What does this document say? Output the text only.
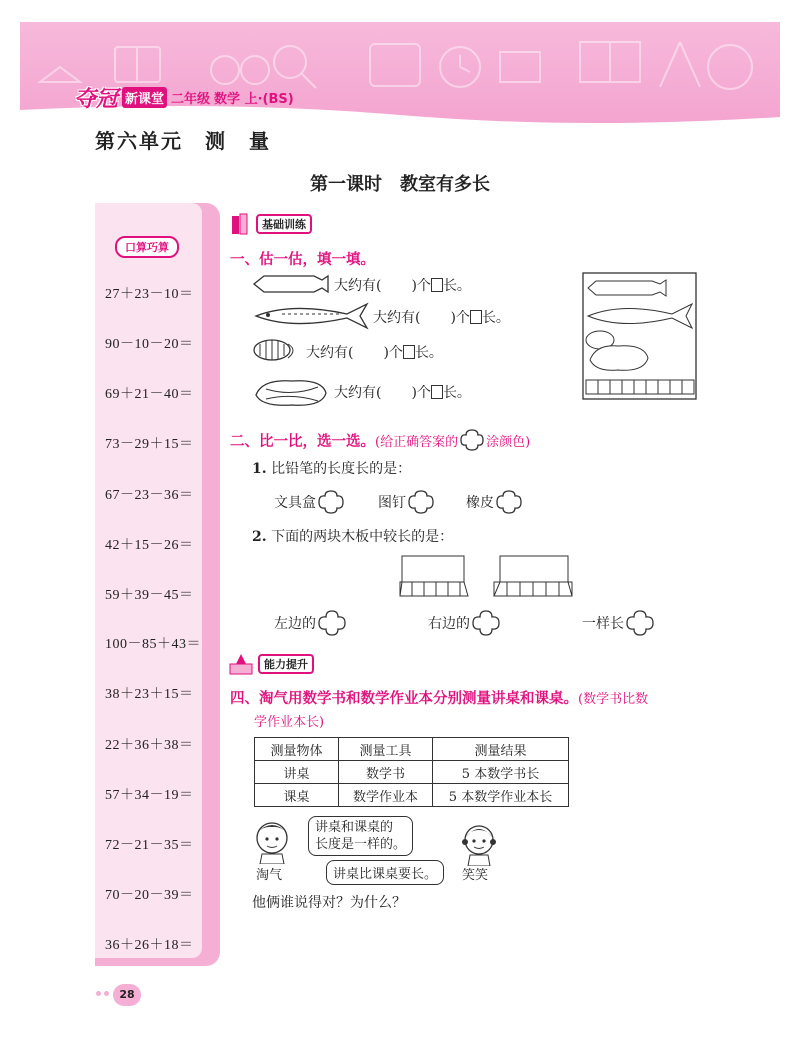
夺冠 新课堂 二年级 数学 上·(BS)
第六单元　测　量
第一课时　教室有多长
口算巧算
27＋23－10＝
90－10－20＝
69＋21－40＝
73－29＋15＝
67－23－36＝
42＋15－26＝
59＋39－45＝
100－85＋43＝
38＋23＋15＝
22＋36＋38＝
57＋34－19＝
72－21－35＝
70－20－39＝
36＋26＋18＝
基础训练
一、估一估，填一填。
大约有( )个 长。
大约有( )个 长。
大约有( )个 长。
大约有( )个 长。
二、比一比，选一选。 (给正确答案的 涂颜色)
1. 比铅笔的长度长的是：
文具盒	图钉	橡皮
2. 下面的两块木板中较长的是：
左边的	右边的	一样长
能力提升
四、淘气用数学书和数学作业本分别测量讲桌和课桌。(数学书比数
学作业本长)
测量物体	测量工具	测量结果
讲桌	数学书	5 本数学书长
课桌	数学作业本	5 本数学作业本长
讲桌和课桌的
长度是一样的。
淘气	讲桌比课桌要长。	笑笑
他俩谁说得对？为什么？
28
